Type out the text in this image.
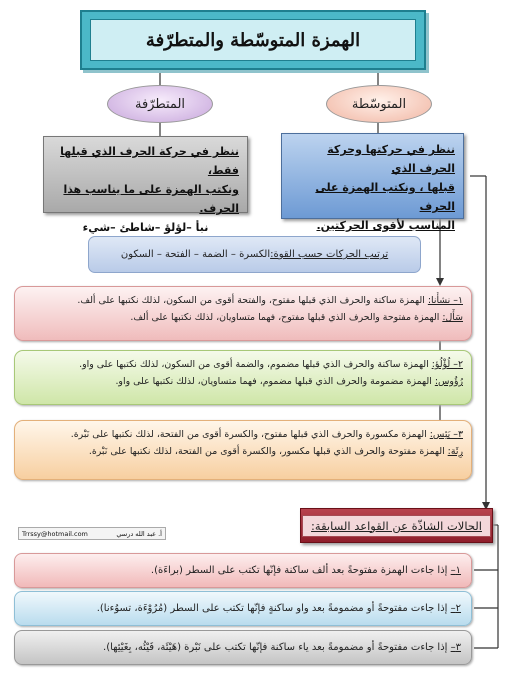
الهمزة المتوسّطة والمتطرّفة
المتوسّطة
المتطرّفة
ننظر في حركة الحرف الذي قبلها فقط،
ونكتب الهمزة على ما يناسب هذا الحرف.
نبأ –لؤلؤ –شاطئ –شيء
ننظر في حركتها وحركة الحرف الذي
قبلها ، ونكتب الهمزة على الحرف
المناسب لأقوى الحركتين.
ترتيب الحركات حسب القوة:
الكسرة – الضمة – الفتحة – السكون
١– نشأْنا: الهمزة ساكنة والحرف الذي قبلها مفتوح، والفتحة أقوى من السكون، لذلك نكتبها على ألف.
سَأَل: الهمزة مفتوحة والحرف الذي قبلها مفتوح، فهما متساويان، لذلك نكتبها على ألف.
٢– لُؤْلُؤ: الهمزة ساكنة والحرف الذي قبلها مضموم، والضمة أقوى من السكون، لذلك نكتبها على واو.
رُؤُوس: الهمزة مضمومة والحرف الذي قبلها مضموم، فهما متساويان، لذلك نكتبها على واو.
٣– يَئِس: الهمزة مكسورة والحرف الذي قبلها مفتوح، والكسرة أقوى من الفتحة، لذلك نكتبها على نَبْرة.
رِئَة: الهمزة مفتوحة والحرف الذي قبلها مكسور، والكسرة أقوى من الفتحة، لذلك نكتبها على نَبْرة.
Trrssy@hotmail.com	أ. عبد الله درسي
الحالات الشاذّة عن القواعد السابقة:
١– إذا جاءت الهمزة مفتوحةً بعد ألف ساكنة فإنّها تكتب على السطر (براءَة).
٢– إذا جاءت مفتوحةً أو مضمومةً بعد واو ساكنةٍ فإنّها تكتب على السطر (مُرُوْءَة، تسوُءنا).
٣– إذا جاءت مفتوحةً أو مضمومةً بعد ياء ساكنة فإنّها تكتب على نَبْرة (هَيْئَة، فَيْئُه، بِغَيْئِها).
